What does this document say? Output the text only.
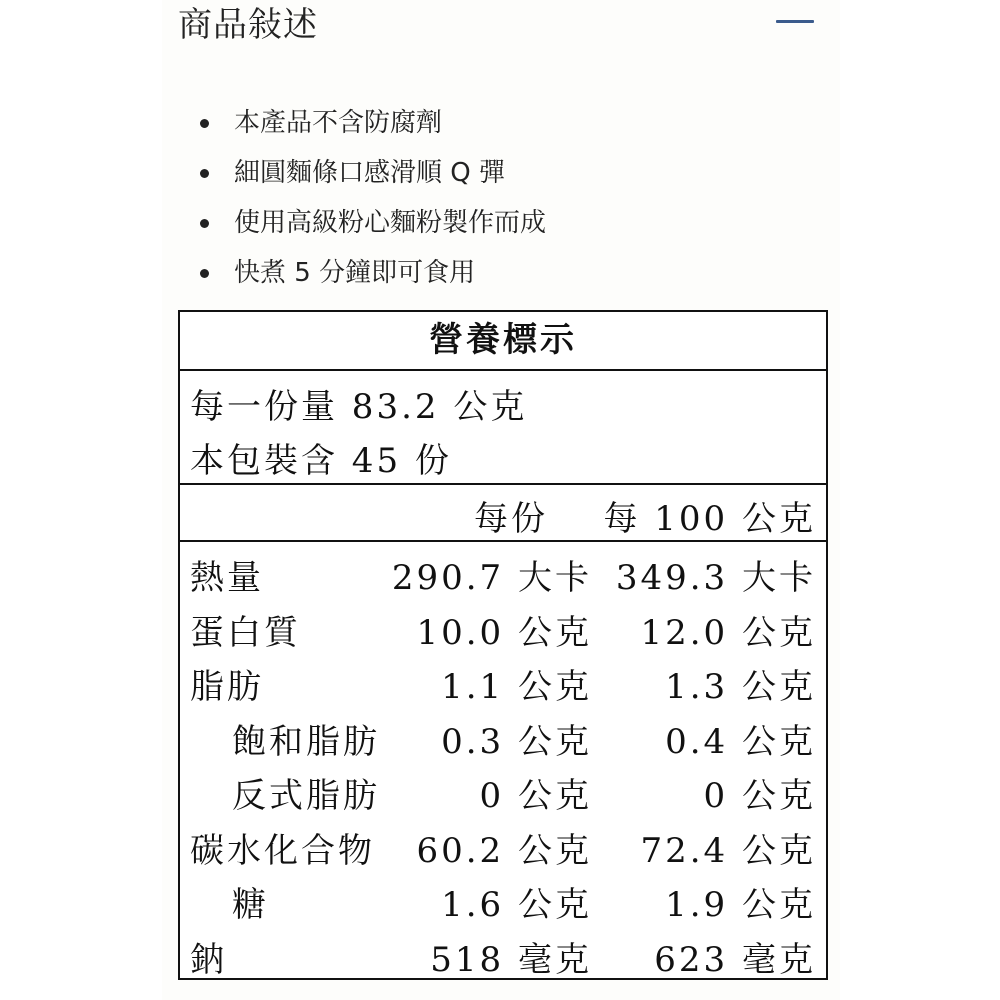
商品敍述
本產品不含防腐劑
細圓麵條口感滑順 Q 彈
使用高級粉心麵粉製作而成
快煮 5 分鐘即可食用
營養標示
每一份量 83.2 公克
本包裝含 45 份
每份 每 100 公克
熱量	290.7 大卡 349.3 大卡
蛋白質	10.0 公克 12.0 公克
脂肪	1.1 公克 1.3 公克
飽和脂肪 0.3 公克 0.4 公克
反式脂肪	0 公克	0 公克
碳水化合物 60.2 公克 72.4 公克
糖	1.6 公克 1.9 公克
鈉	518 毫克 623 毫克
